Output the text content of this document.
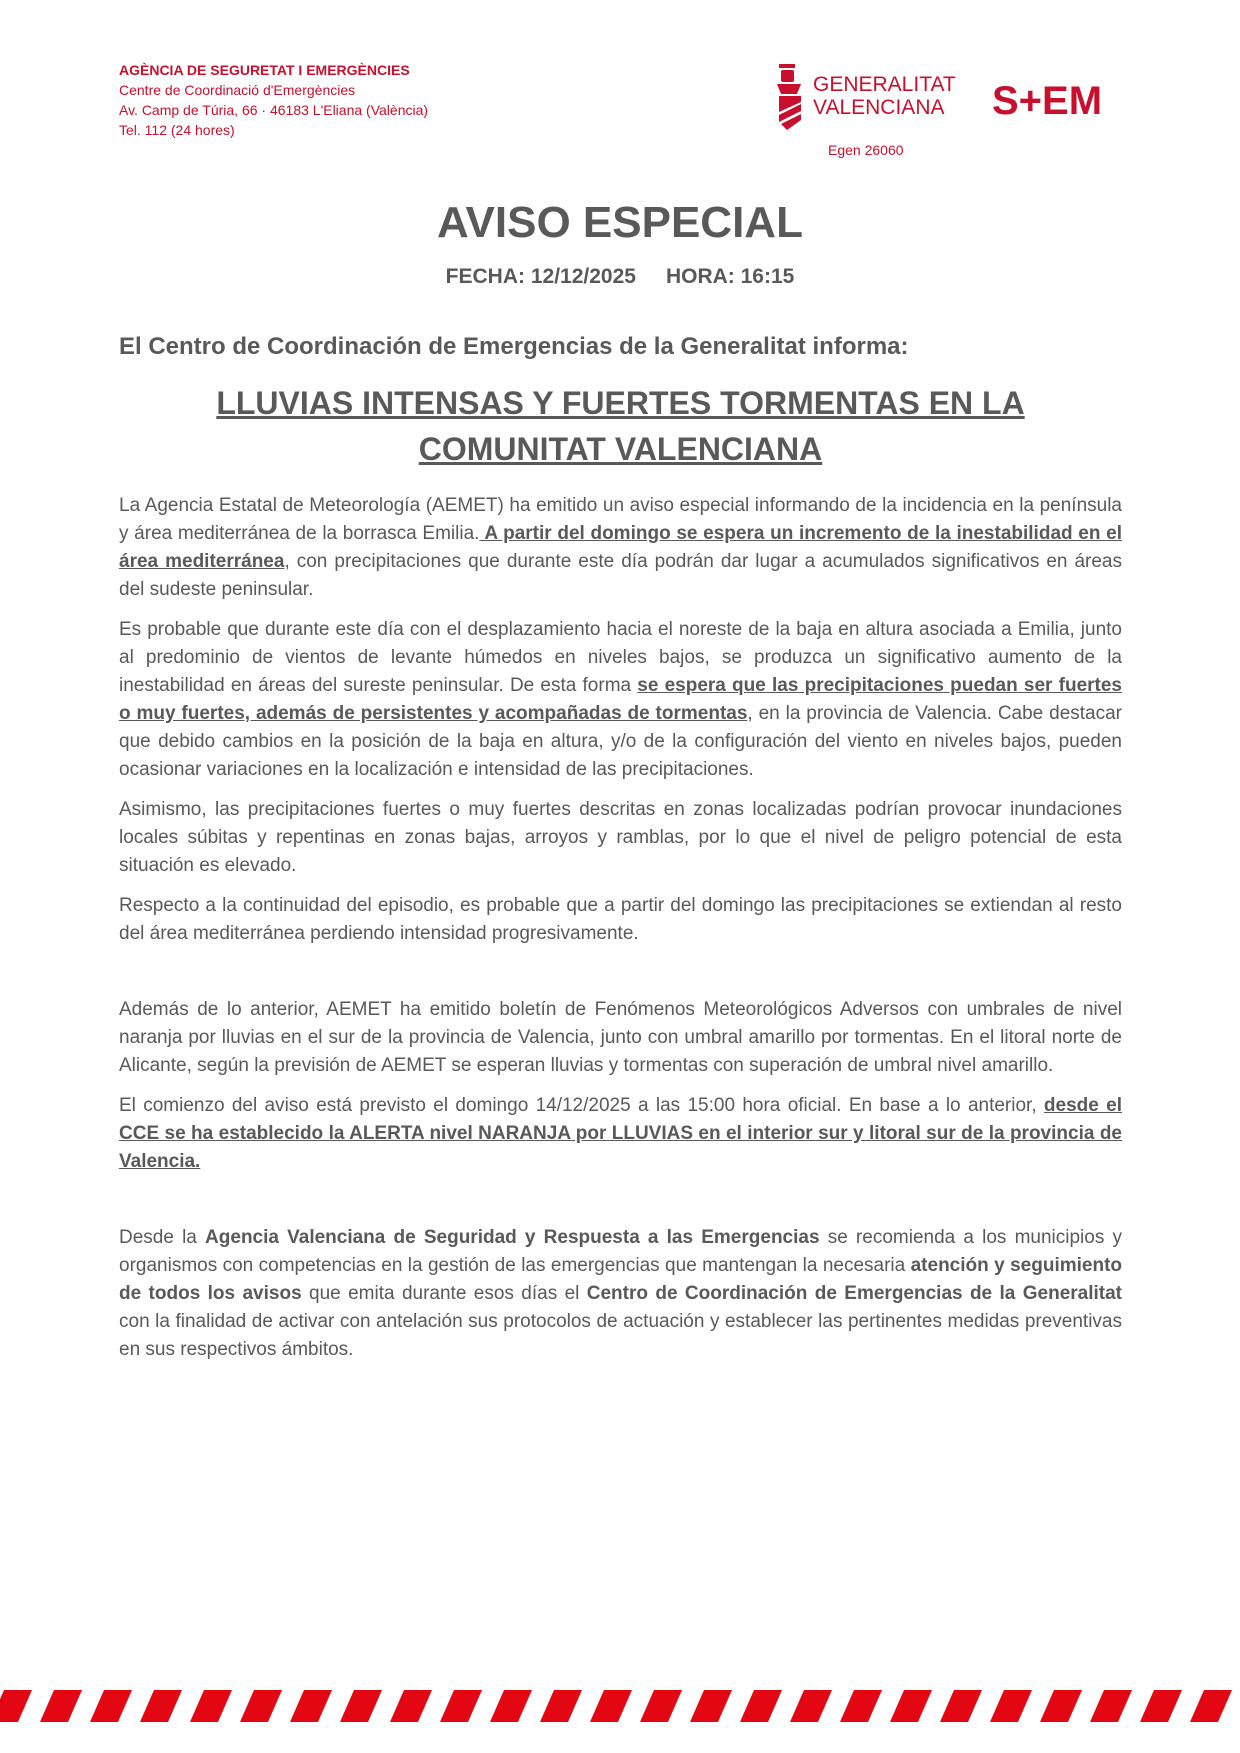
AGÈNCIA DE SEGURETAT I EMERGÈNCIES
Centre de Coordinació d'Emergències
Av. Camp de Túria, 66 · 46183 L'Eliana (València)
Tel. 112 (24 hores)
GENERALITAT
VALENCIANA S+EM
Egen 26060
AVISO ESPECIAL
FECHA: 12/12/2025 HORA: 16:15
El Centro de Coordinación de Emergencias de la Generalitat informa:
LLUVIAS INTENSAS Y FUERTES TORMENTAS EN LA COMUNITAT VALENCIANA

La Agencia Estatal de Meteorología (AEMET) ha emitido un aviso especial informando de la incidencia en la península y área mediterránea de la borrasca Emilia. A partir del domingo se espera un incremento de la inestabilidad en el área mediterránea, con precipitaciones que durante este día podrán dar lugar a acumulados significativos en áreas del sudeste peninsular.

Es probable que durante este día con el desplazamiento hacia el noreste de la baja en altura asociada a Emilia, junto al predominio de vientos de levante húmedos en niveles bajos, se produzca un significativo aumento de la inestabilidad en áreas del sureste peninsular. De esta forma se espera que las precipitaciones puedan ser fuertes o muy fuertes, además de persistentes y acompañadas de tormentas, en la provincia de Valencia. Cabe destacar que debido cambios en la posición de la baja en altura, y/o de la configuración del viento en niveles bajos, pueden ocasionar variaciones en la localización e intensidad de las precipitaciones.

Asimismo, las precipitaciones fuertes o muy fuertes descritas en zonas localizadas podrían provocar inundaciones locales súbitas y repentinas en zonas bajas, arroyos y ramblas, por lo que el nivel de peligro potencial de esta situación es elevado.

Respecto a la continuidad del episodio, es probable que a partir del domingo las precipitaciones se extiendan al resto del área mediterránea perdiendo intensidad progresivamente.

Además de lo anterior, AEMET ha emitido boletín de Fenómenos Meteorológicos Adversos con umbrales de nivel naranja por lluvias en el sur de la provincia de Valencia, junto con umbral amarillo por tormentas. En el litoral norte de Alicante, según la previsión de AEMET se esperan lluvias y tormentas con superación de umbral nivel amarillo.

El comienzo del aviso está previsto el domingo 14/12/2025 a las 15:00 hora oficial. En base a lo anterior, desde el CCE se ha establecido la ALERTA nivel NARANJA por LLUVIAS en el interior sur y litoral sur de la provincia de Valencia.

Desde la Agencia Valenciana de Seguridad y Respuesta a las Emergencias se recomienda a los municipios y organismos con competencias en la gestión de las emergencias que mantengan la necesaria atención y seguimiento de todos los avisos que emita durante esos días el Centro de Coordinación de Emergencias de la Generalitat con la finalidad de activar con antelación sus protocolos de actuación y establecer las pertinentes medidas preventivas en sus respectivos ámbitos.
